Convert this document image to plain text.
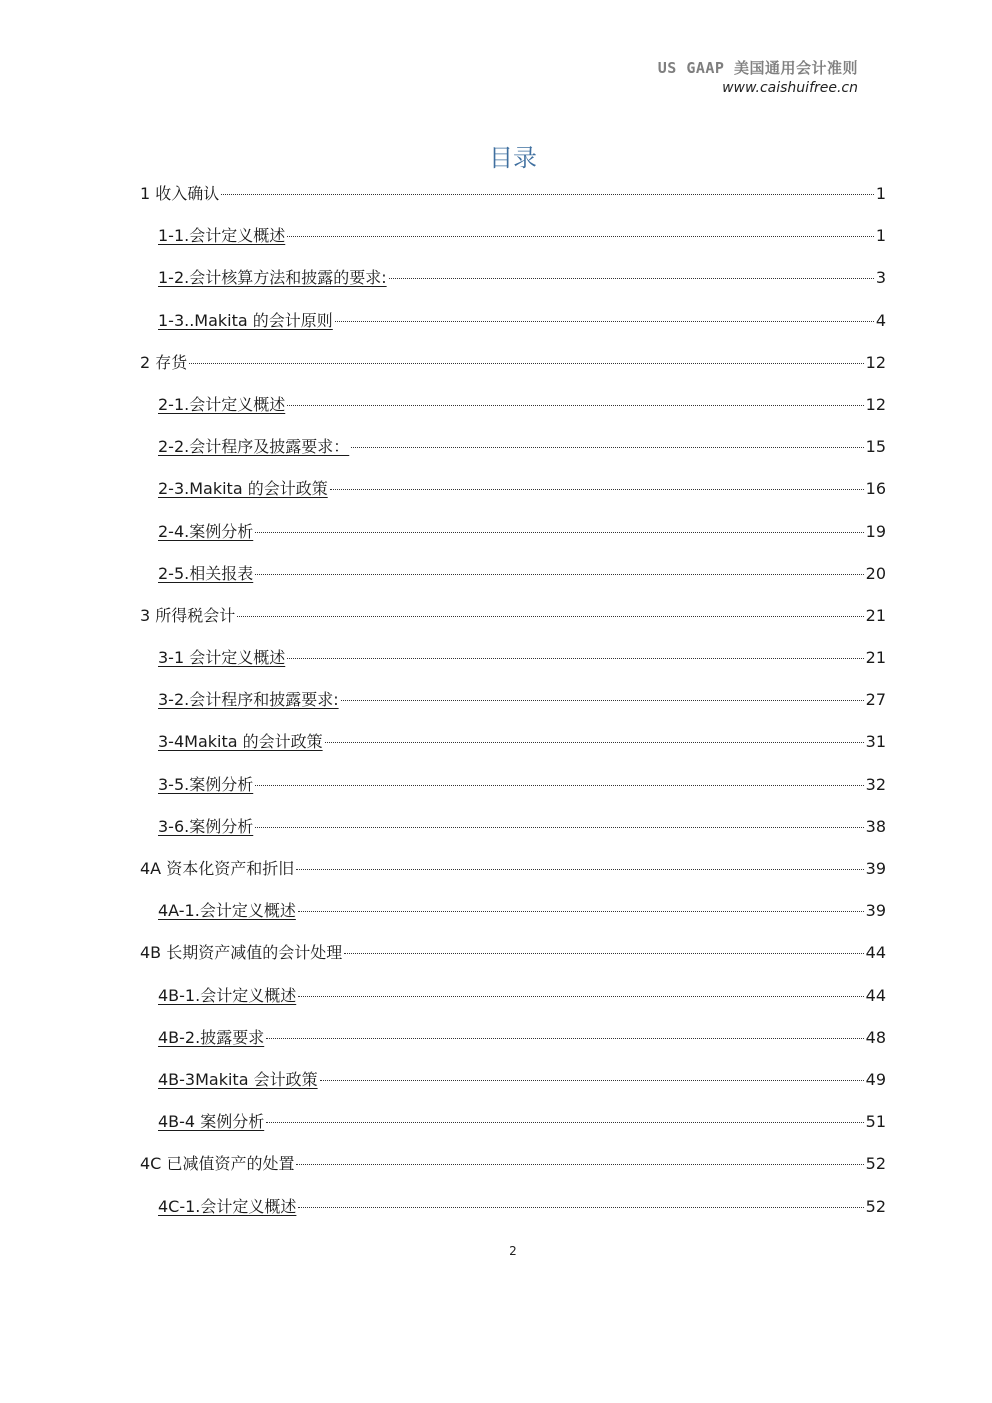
US GAAP 美国通用会计准则
www.caishuifree.cn
目录
1 收入确认	1
1-1.会计定义概述	1
1-2.会计核算方法和披露的要求:	3
1-3..Makita 的会计原则	4
2 存货	12
2-1.会计定义概述	12
2-2.会计程序及披露要求：	15
2-3.Makita 的会计政策	16
2-4.案例分析	19
2-5.相关报表	20
3 所得税会计	21
3-1 会计定义概述	21
3-2.会计程序和披露要求:	27
3-4Makita 的会计政策	31
3-5.案例分析	32
3-6.案例分析	38
4A 资本化资产和折旧	39
4A-1.会计定义概述	39
4B 长期资产减值的会计处理	44
4B-1.会计定义概述	44
4B-2.披露要求	48
4B-3Makita 会计政策	49
4B-4 案例分析	51
4C 已减值资产的处置	52
4C-1.会计定义概述	52
2
